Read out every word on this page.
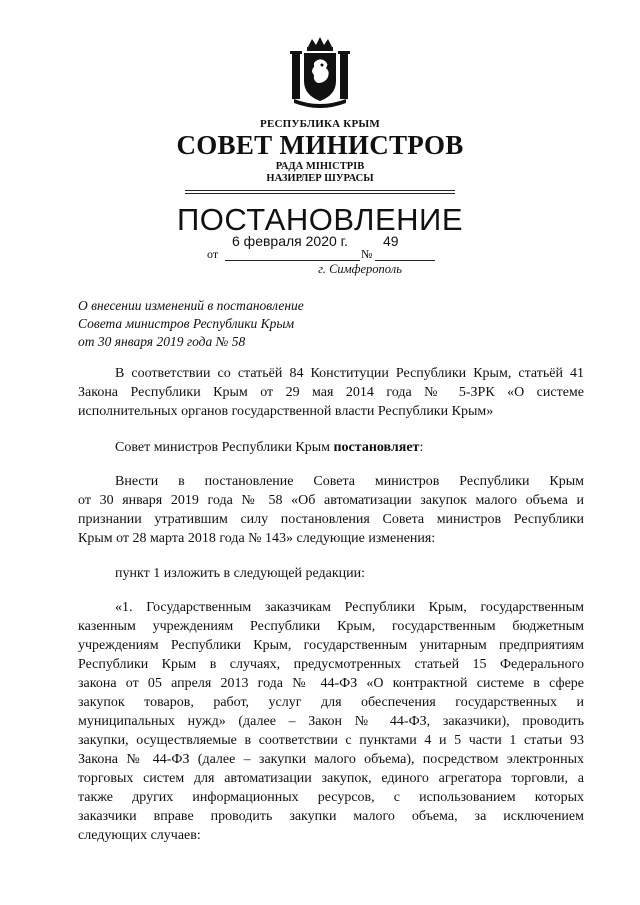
РЕСПУБЛИКА КРЫМ
СОВЕТ МИНИСТРОВ
РАДА МІНІСТРІВ
НАЗИРЛЕР ШУРАСЫ
ПОСТАНОВЛЕНИЕ
6 февраля 2020 г.	49
от	№
г. Симферополь
О внесении изменений в постановление
Совета министров Республики Крым
от 30 января 2019 года № 58
В соответствии со статьёй 84 Конституции Республики Крым, статьёй 41
Закона Республики Крым от 29 мая 2014 года № 5-ЗРК «О системе
исполнительных органов государственной власти Республики Крым»
Совет министров Республики Крым постановляет:
Внести в постановление Совета министров Республики Крым
от 30 января 2019 года № 58 «Об автоматизации закупок малого объема и
признании утратившим силу постановления Совета министров Республики
Крым от 28 марта 2018 года № 143» следующие изменения:
пункт 1 изложить в следующей редакции:
«1. Государственным заказчикам Республики Крым, государственным
казенным учреждениям Республики Крым, государственным бюджетным
учреждениям Республики Крым, государственным унитарным предприятиям
Республики Крым в случаях, предусмотренных статьей 15 Федерального
закона от 05 апреля 2013 года № 44-ФЗ «О контрактной системе в сфере
закупок товаров, работ, услуг для обеспечения государственных и
муниципальных нужд» (далее – Закон № 44-ФЗ, заказчики), проводить
закупки, осуществляемые в соответствии с пунктами 4 и 5 части 1 статьи 93
Закона № 44-ФЗ (далее – закупки малого объема), посредством электронных
торговых систем для автоматизации закупок, единого агрегатора торговли, а
также других информационных ресурсов, с использованием которых
заказчики вправе проводить закупки малого объема, за исключением
следующих случаев:
